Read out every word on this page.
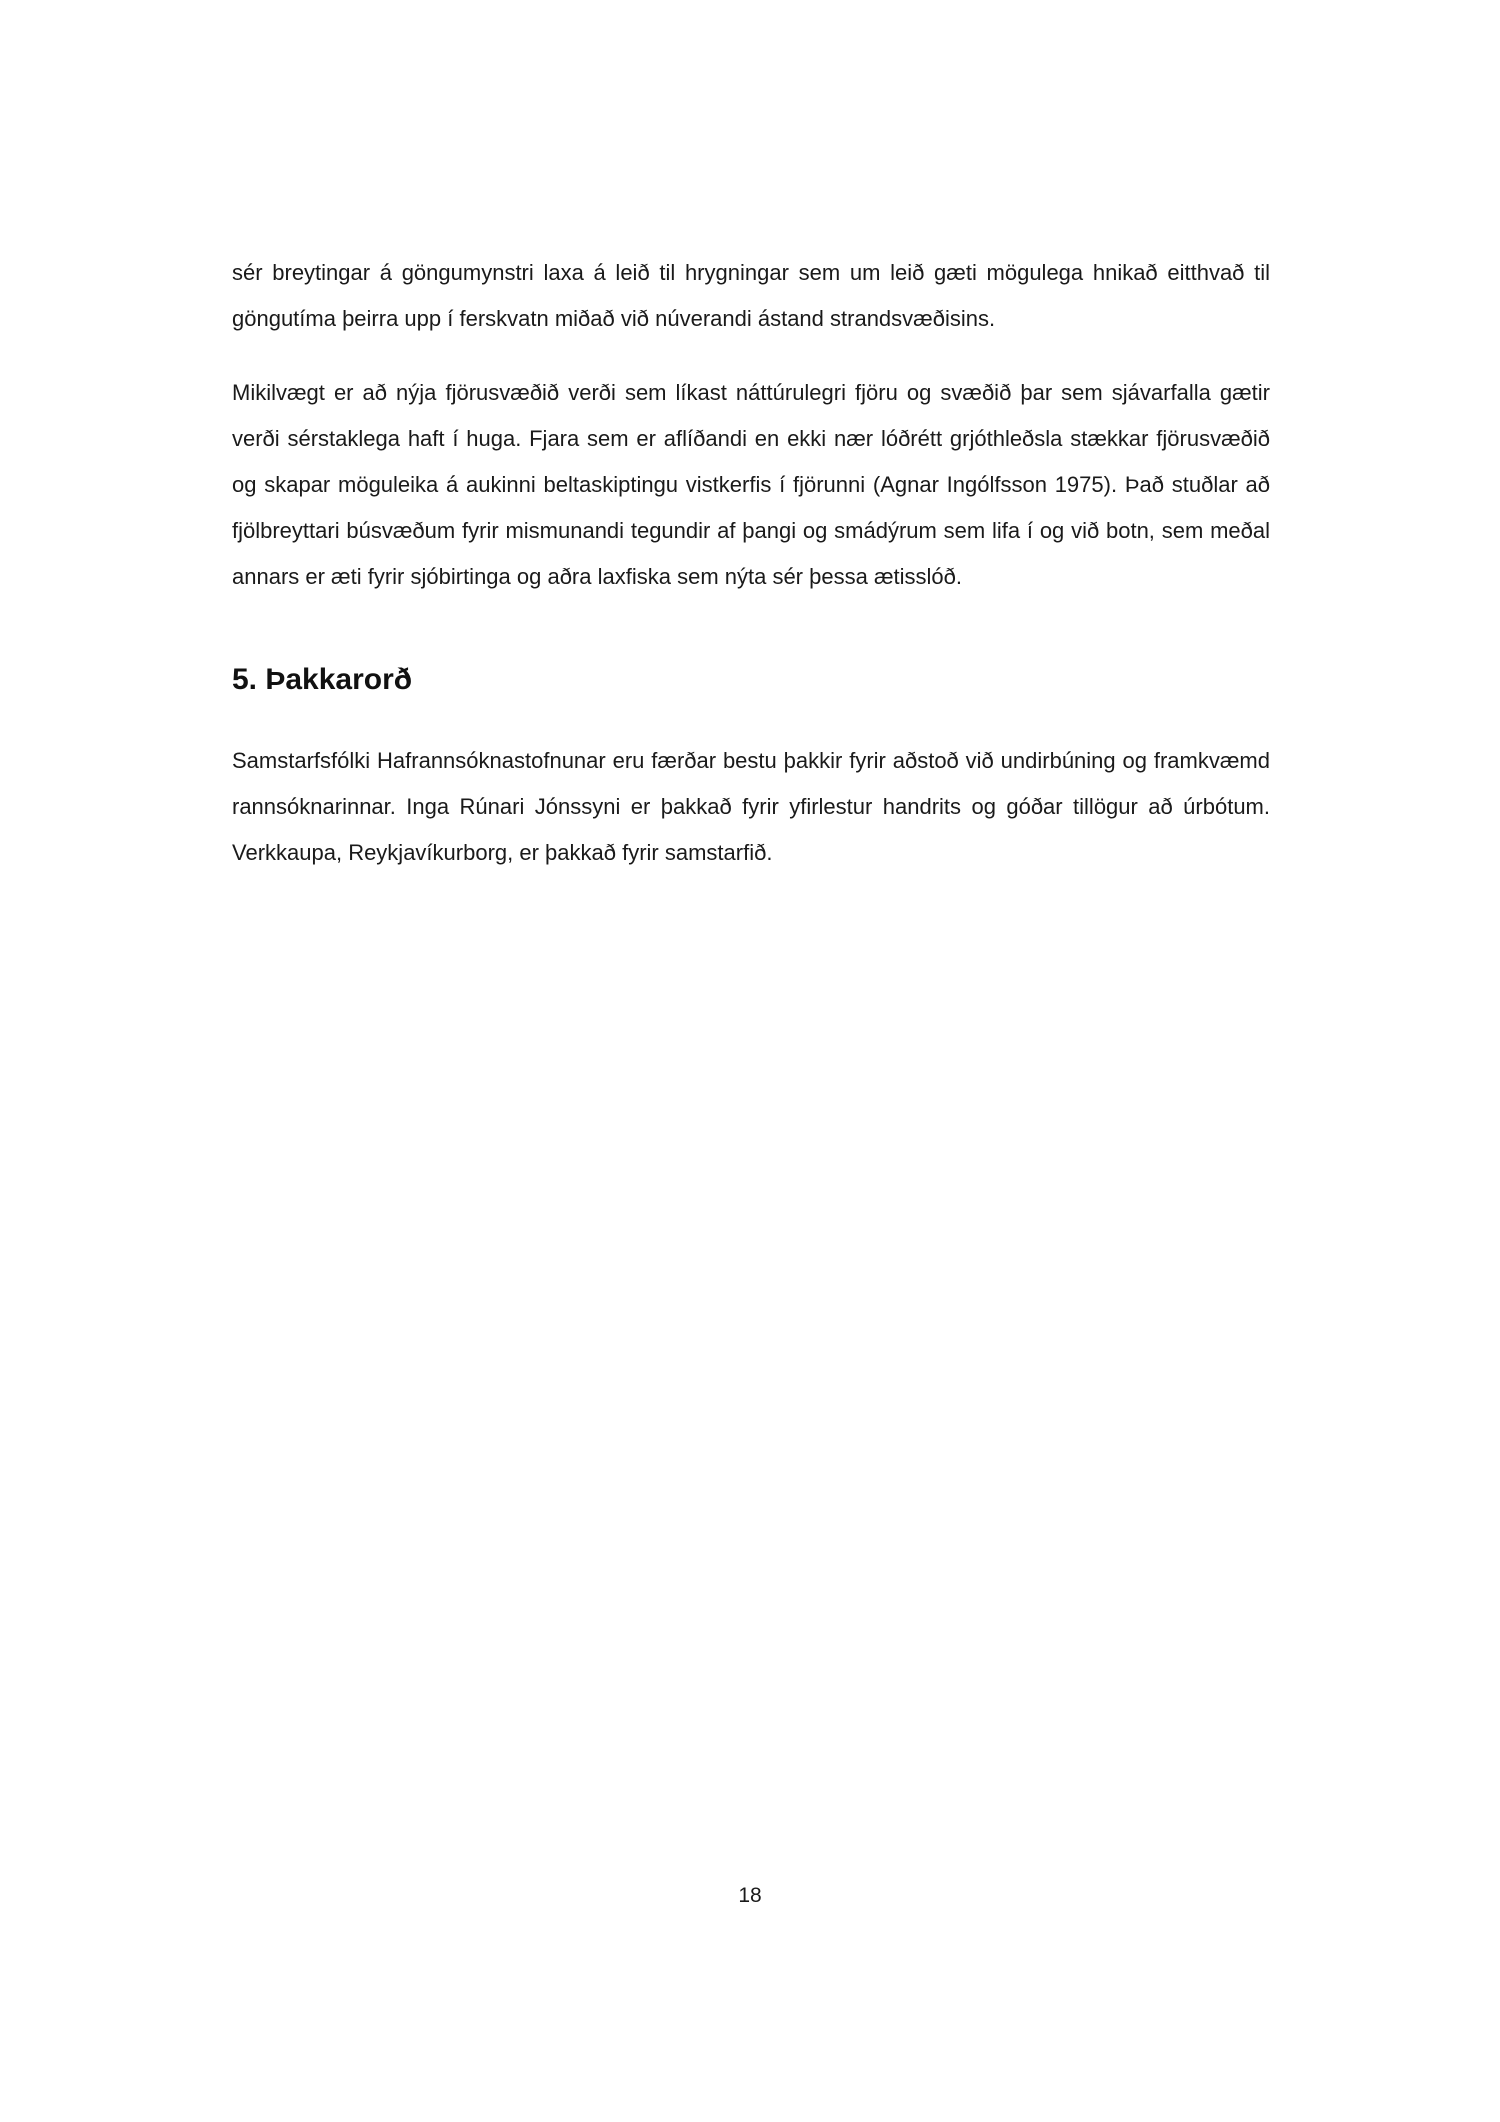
sér breytingar á göngumynstri laxa á leið til hrygningar sem um leið gæti mögulega hnikað eitthvað til göngutíma þeirra upp í ferskvatn miðað við núverandi ástand strandsvæðisins.

Mikilvægt er að nýja fjörusvæðið verði sem líkast náttúrulegri fjöru og svæðið þar sem sjávarfalla gætir verði sérstaklega haft í huga. Fjara sem er aflíðandi en ekki nær lóðrétt grjóthleðsla stækkar fjörusvæðið og skapar möguleika á aukinni beltaskiptingu vistkerfis í fjörunni (Agnar Ingólfsson 1975). Það stuðlar að fjölbreyttari búsvæðum fyrir mismunandi tegundir af þangi og smádýrum sem lifa í og við botn, sem meðal annars er æti fyrir sjóbirtinga og aðra laxfiska sem nýta sér þessa ætisslóð.

5. Þakkarorð

Samstarfsfólki Hafrannsóknastofnunar eru færðar bestu þakkir fyrir aðstoð við undirbúning og framkvæmd rannsóknarinnar. Inga Rúnari Jónssyni er þakkað fyrir yfirlestur handrits og góðar tillögur að úrbótum. Verkkaupa, Reykjavíkurborg, er þakkað fyrir samstarfið.

18
